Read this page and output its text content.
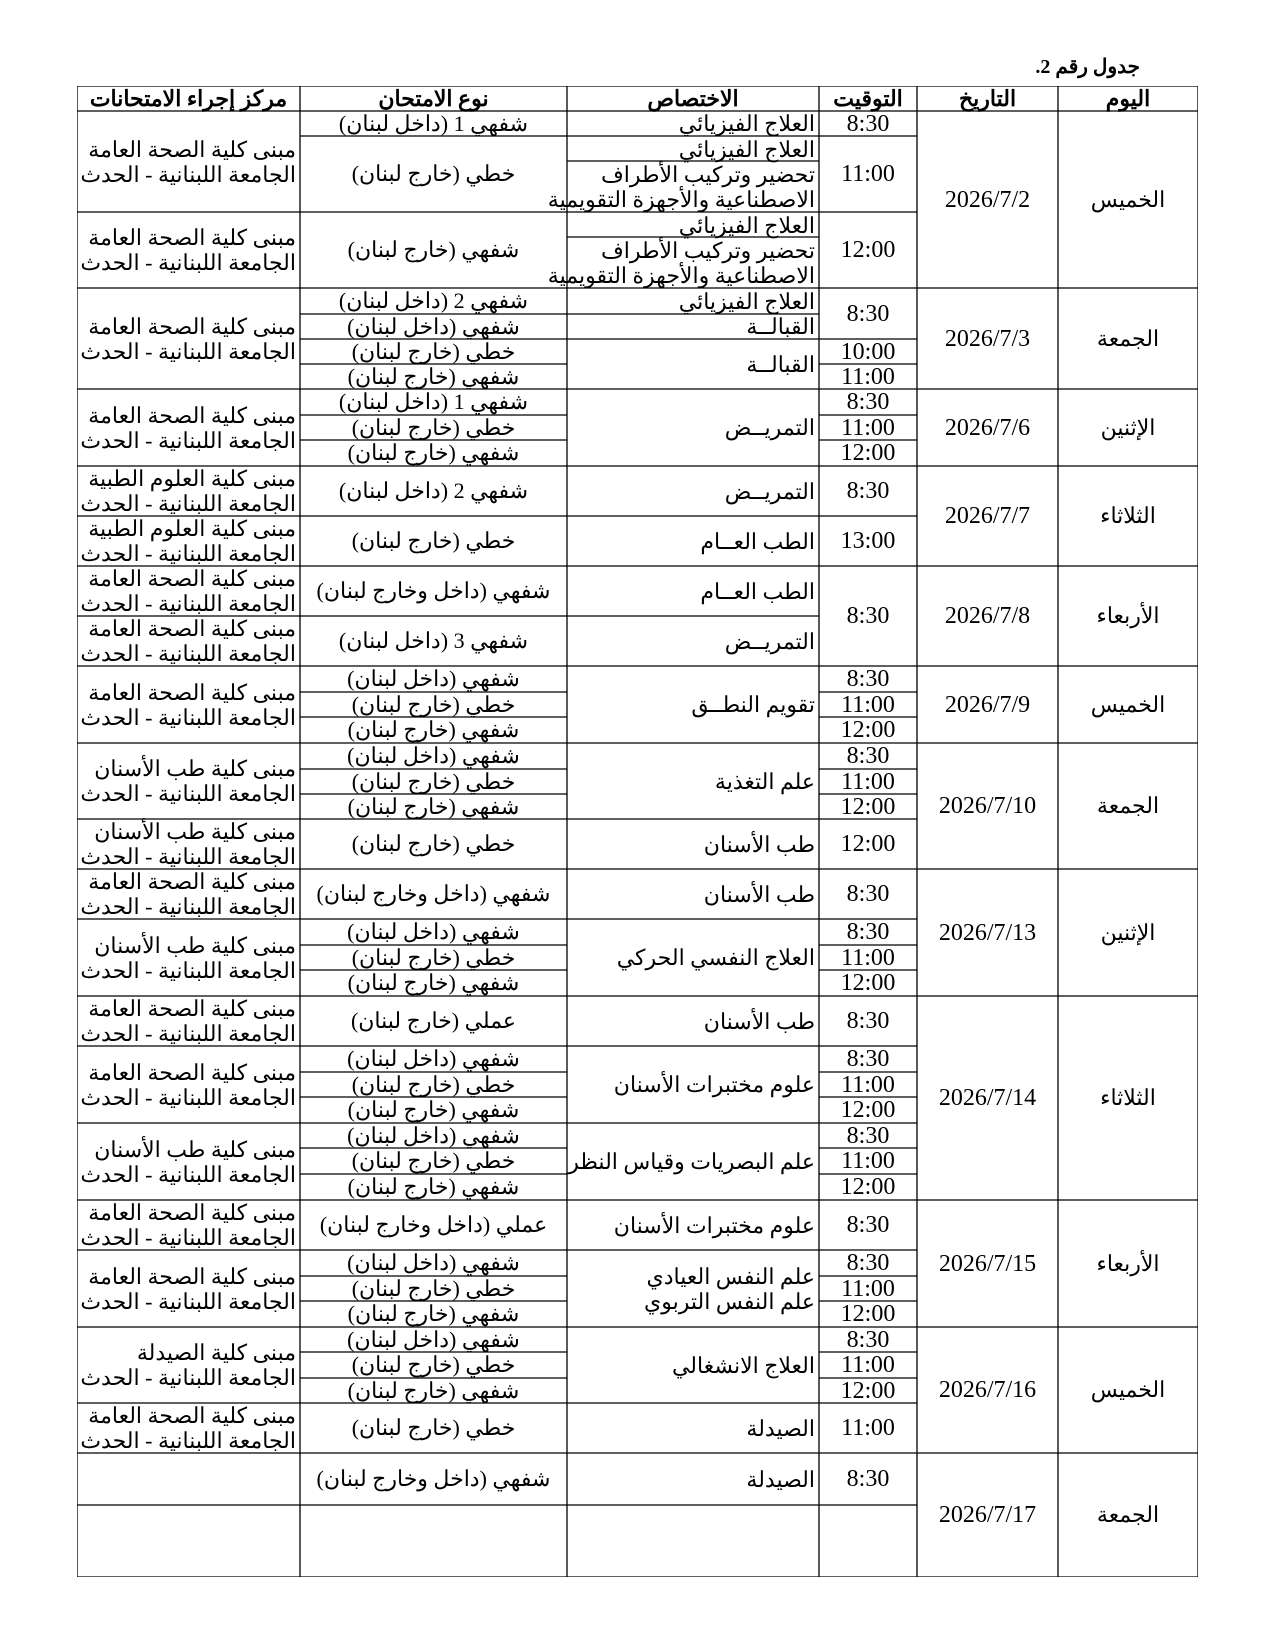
جدول رقم 2.
اليوم
التاريخ
التوقيت
الاختصاص
نوع الامتحان
مركز إجراء الامتحانات
الخميس
2026/7/2
الجمعة
2026/7/3
الإثنين
2026/7/6
الثلاثاء
2026/7/7
الأربعاء
2026/7/8
الخميس
2026/7/9
الجمعة
2026/7/10
الإثنين
2026/7/13
الثلاثاء
2026/7/14
الأربعاء
2026/7/15
الخميس
2026/7/16
الجمعة
2026/7/17
مبنى كلية الصحة العامة
الجامعة اللبنانية - الحدث
مبنى كلية الصحة العامة
الجامعة اللبنانية - الحدث
مبنى كلية الصحة العامة
الجامعة اللبنانية - الحدث
مبنى كلية الصحة العامة
الجامعة اللبنانية - الحدث
مبنى كلية العلوم الطبية
الجامعة اللبنانية - الحدث
مبنى كلية العلوم الطبية
الجامعة اللبنانية - الحدث
مبنى كلية الصحة العامة
الجامعة اللبنانية - الحدث
مبنى كلية الصحة العامة
الجامعة اللبنانية - الحدث
مبنى كلية الصحة العامة
الجامعة اللبنانية - الحدث
مبنى كلية طب الأسنان
الجامعة اللبنانية - الحدث
مبنى كلية طب الأسنان
الجامعة اللبنانية - الحدث
مبنى كلية الصحة العامة
الجامعة اللبنانية - الحدث
مبنى كلية طب الأسنان
الجامعة اللبنانية - الحدث
مبنى كلية الصحة العامة
الجامعة اللبنانية - الحدث
مبنى كلية الصحة العامة
الجامعة اللبنانية - الحدث
مبنى كلية طب الأسنان
الجامعة اللبنانية - الحدث
مبنى كلية الصحة العامة
الجامعة اللبنانية - الحدث
مبنى كلية الصحة العامة
الجامعة اللبنانية - الحدث
مبنى كلية الصيدلة
الجامعة اللبنانية - الحدث
مبنى كلية الصحة العامة
الجامعة اللبنانية - الحدث
شفهي 1 (داخل لبنان)
خطي (خارج لبنان)
شفهي (خارج لبنان)
شفهي 2 (داخل لبنان)
شفهي (داخل لبنان)
خطي (خارج لبنان)
شفهي (خارج لبنان)
شفهي 1 (داخل لبنان)
خطي (خارج لبنان)
شفهي (خارج لبنان)
شفهي 2 (داخل لبنان)
خطي (خارج لبنان)
شفهي (داخل وخارج لبنان)
شفهي 3 (داخل لبنان)
شفهي (داخل لبنان)
خطي (خارج لبنان)
شفهي (خارج لبنان)
شفهي (داخل لبنان)
خطي (خارج لبنان)
شفهي (خارج لبنان)
خطي (خارج لبنان)
شفهي (داخل وخارج لبنان)
شفهي (داخل لبنان)
خطي (خارج لبنان)
شفهي (خارج لبنان)
عملي (خارج لبنان)
شفهي (داخل لبنان)
خطي (خارج لبنان)
شفهي (خارج لبنان)
شفهي (داخل لبنان)
خطي (خارج لبنان)
شفهي (خارج لبنان)
عملي (داخل وخارج لبنان)
شفهي (داخل لبنان)
خطي (خارج لبنان)
شفهي (خارج لبنان)
شفهي (داخل لبنان)
خطي (خارج لبنان)
شفهي (خارج لبنان)
خطي (خارج لبنان)
شفهي (داخل وخارج لبنان)
العلاج الفيزيائي
العلاج الفيزيائي
تحضير وتركيب الأطراف
الاصطناعية والأجهزة التقويمية
العلاج الفيزيائي
تحضير وتركيب الأطراف
الاصطناعية والأجهزة التقويمية
العلاج الفيزيائي
القبالــة
القبالــة
التمريــض
التمريــض
الطب العــام
الطب العــام
التمريــض
تقويم النطــق
علم التغذية
طب الأسنان
طب الأسنان
العلاج النفسي الحركي
طب الأسنان
علوم مختبرات الأسنان
علم البصريات وقياس النظر
علوم مختبرات الأسنان
علم النفس العيادي
علم النفس التربوي
العلاج الانشغالي
الصيدلة
الصيدلة
8:30
11:00
12:00
8:30
10:00
11:00
8:30
11:00
12:00
8:30
13:00
8:30
8:30
11:00
12:00
8:30
11:00
12:00
12:00
8:30
8:30
11:00
12:00
8:30
8:30
11:00
12:00
8:30
11:00
12:00
8:30
8:30
11:00
12:00
8:30
11:00
12:00
11:00
8:30
